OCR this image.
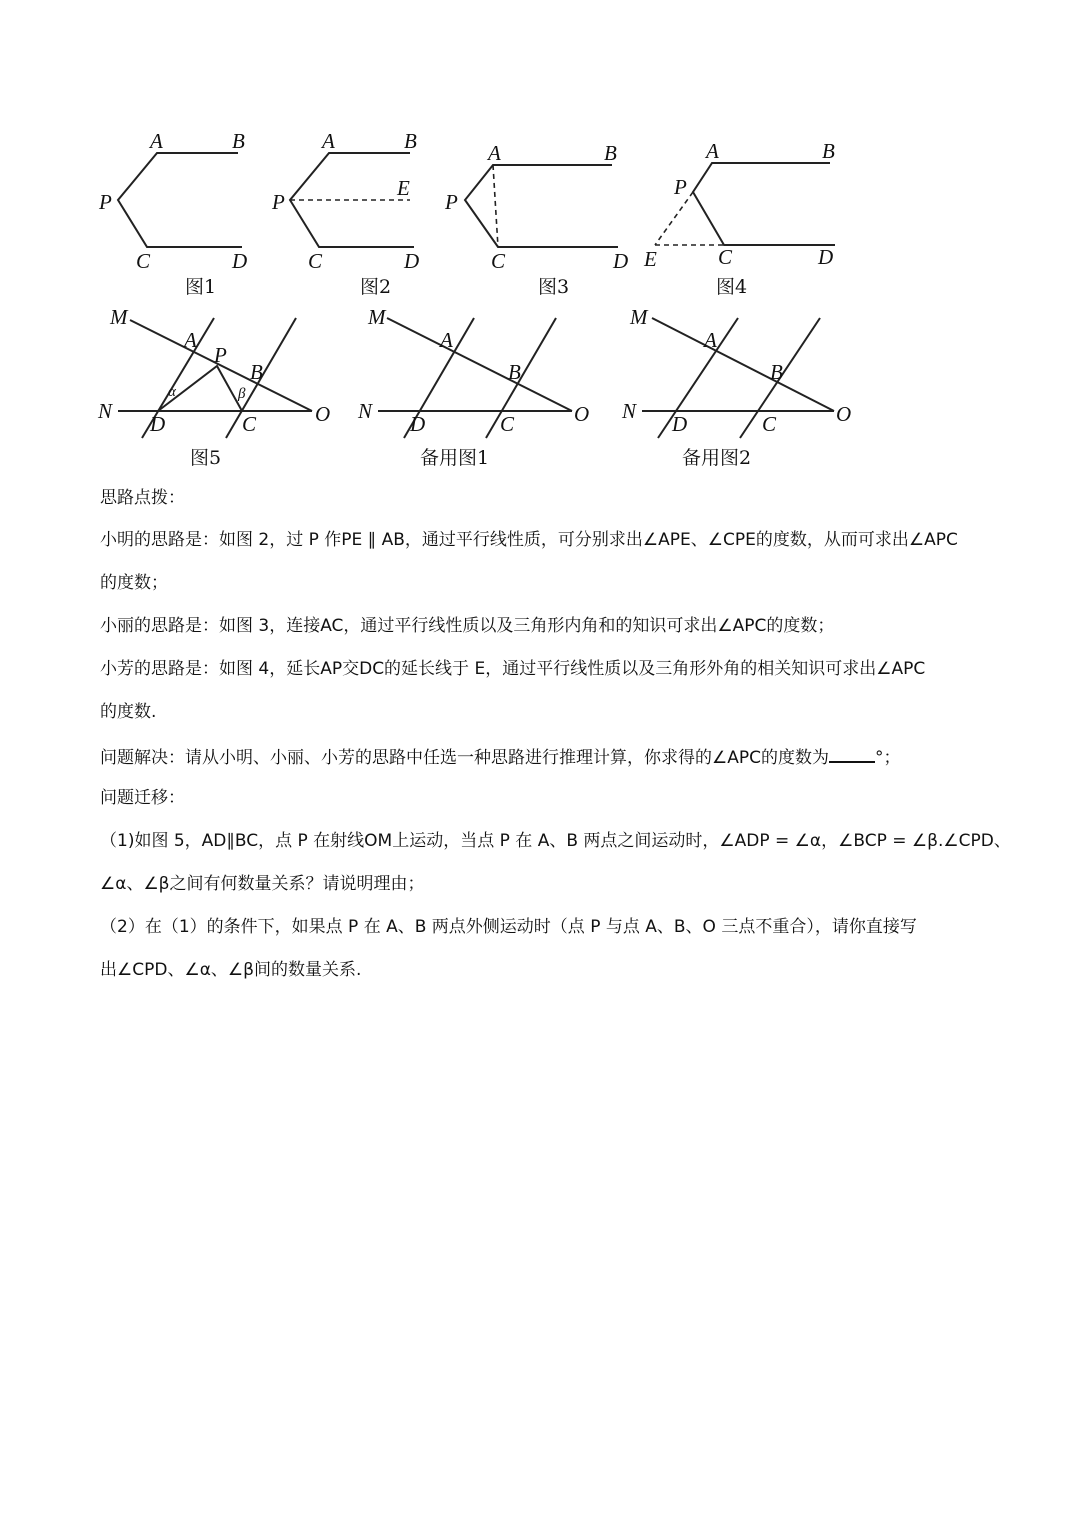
A	B
P
C	D
图1
A	B
P
E
C	D
图2
A	B
P
C	D
图3
A	B
P
E	C	D
图4
M
A
P
B
N
D	C	O
α	β
图5
M
A
B
N
D	C	O
备用图1
M
A
B
N
D	C	O
备用图2
思路点拨：
小明的思路是：如图 2，过 P 作PE ∥ AB，通过平行线性质，可分别求出∠APE、∠CPE的度数，从而可求出∠APC
的度数；
小丽的思路是：如图 3，连接AC，通过平行线性质以及三角形内角和的知识可求出∠APC的度数；
小芳的思路是：如图 4，延长AP交DC的延长线于 E，通过平行线性质以及三角形外角的相关知识可求出∠APC
的度数.
问题解决：请从小明、小丽、小芳的思路中任选一种思路进行推理计算，你求得的∠APC的度数为	°；
问题迁移：
（1)如图 5，AD∥BC，点 P 在射线OM上运动，当点 P 在 A、B 两点之间运动时，∠ADP = ∠α，∠BCP = ∠β.∠CPD、
∠α、∠β之间有何数量关系？请说明理由；
（2）在（1）的条件下，如果点 P 在 A、B 两点外侧运动时（点 P 与点 A、B、O 三点不重合），请你直接写
出∠CPD、∠α、∠β间的数量关系.
